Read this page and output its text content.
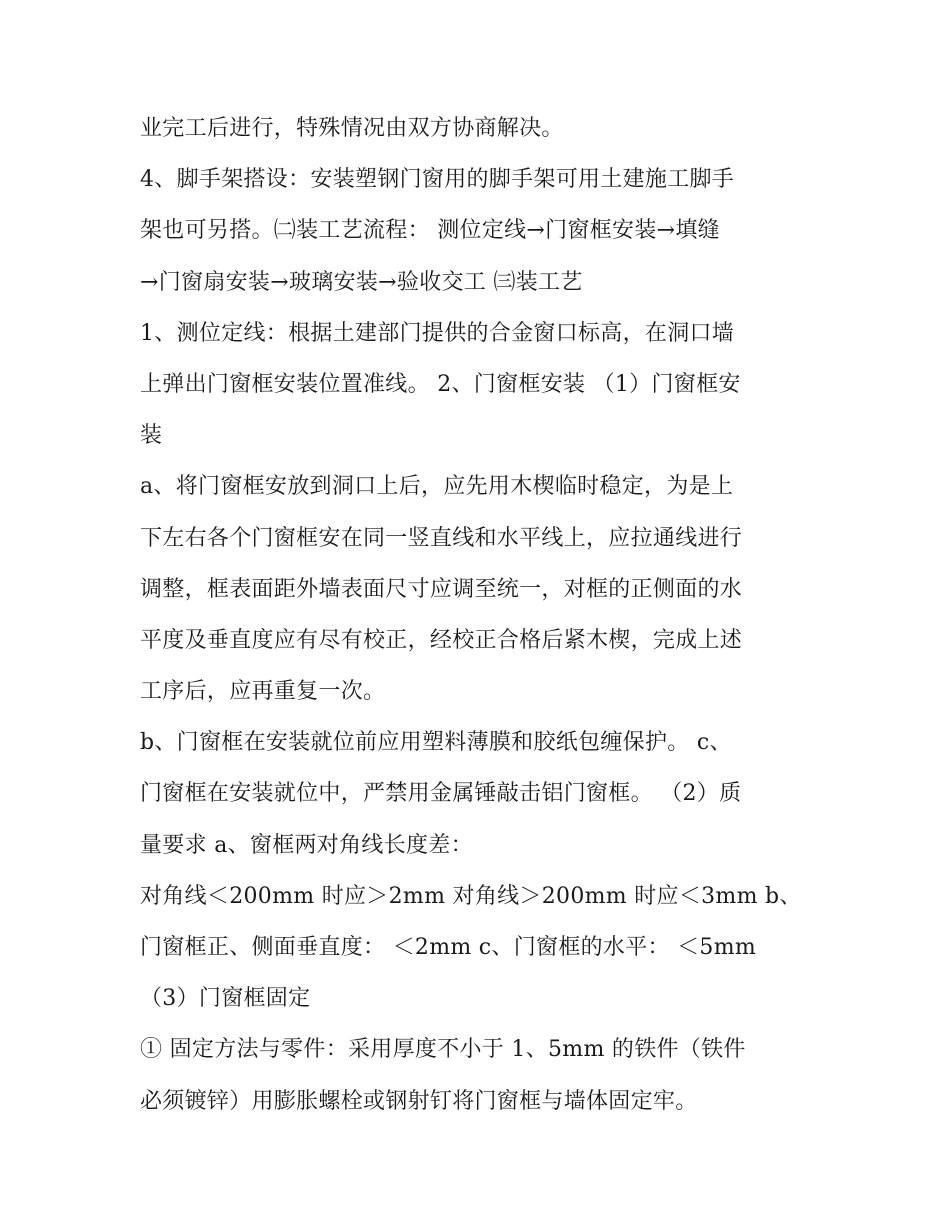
业完工后进行，特殊情况由双方协商解决。
4、脚手架搭设：安装塑钢门窗用的脚手架可用土建施工脚手
架也可另搭。㈡装工艺流程： 测位定线→门窗框安装→填缝
→门窗扇安装→玻璃安装→验收交工 ㈢装工艺
1、测位定线：根据土建部门提供的合金窗口标高，在洞口墙
上弹出门窗框安装位置准线。 2、门窗框安装 （1）门窗框安
装
a、将门窗框安放到洞口上后，应先用木楔临时稳定，为是上
下左右各个门窗框安在同一竖直线和水平线上，应拉通线进行
调整，框表面距外墙表面尺寸应调至统一，对框的正侧面的水
平度及垂直度应有尽有校正，经校正合格后紧木楔，完成上述
工序后，应再重复一次。
b、门窗框在安装就位前应用塑料薄膜和胶纸包缠保护。 c、
门窗框在安装就位中，严禁用金属锤敲击铝门窗框。 （2）质
量要求 a、窗框两对角线长度差：
对角线＜200mm 时应＞2mm 对角线＞200mm 时应＜3mm b、
门窗框正、侧面垂直度： ＜2mm c、门窗框的水平： ＜5mm
（3）门窗框固定
① 固定方法与零件：采用厚度不小于 1、5mm 的铁件（铁件
必须镀锌）用膨胀螺栓或钢射钉将门窗框与墙体固定牢。
